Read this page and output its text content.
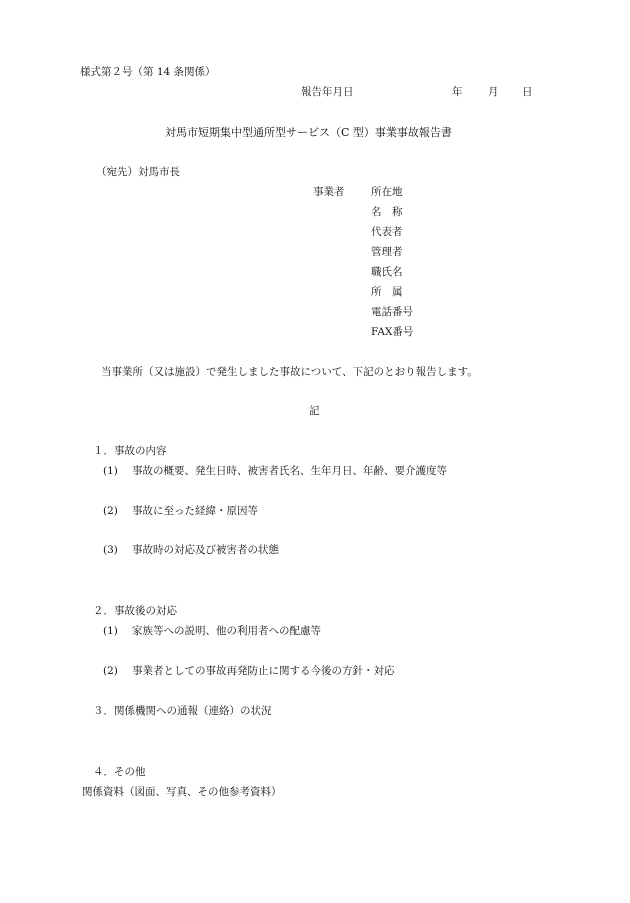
様式第２号（第 14 条関係）
報告年月日	年 月 日
対馬市短期集中型通所型サービス（C 型）事業事故報告書
（宛先）対馬市長
事業者	所在地
名　称
代表者
管理者
職氏名
所　属
電話番号
FAX番号
当事業所（又は施設）で発生しました事故について、下記のとおり報告します。
記
１．事故の内容
(1) 事故の概要、発生日時、被害者氏名、生年月日、年齢、要介護度等
(2) 事故に至った経緯・原因等
(3) 事故時の対応及び被害者の状態
２．事故後の対応
(1) 家族等への説明、他の利用者への配慮等
(2) 事業者としての事故再発防止に関する今後の方針・対応
３．関係機関への通報（連絡）の状況
４．その他
関係資料（図面、写真、その他参考資料）
